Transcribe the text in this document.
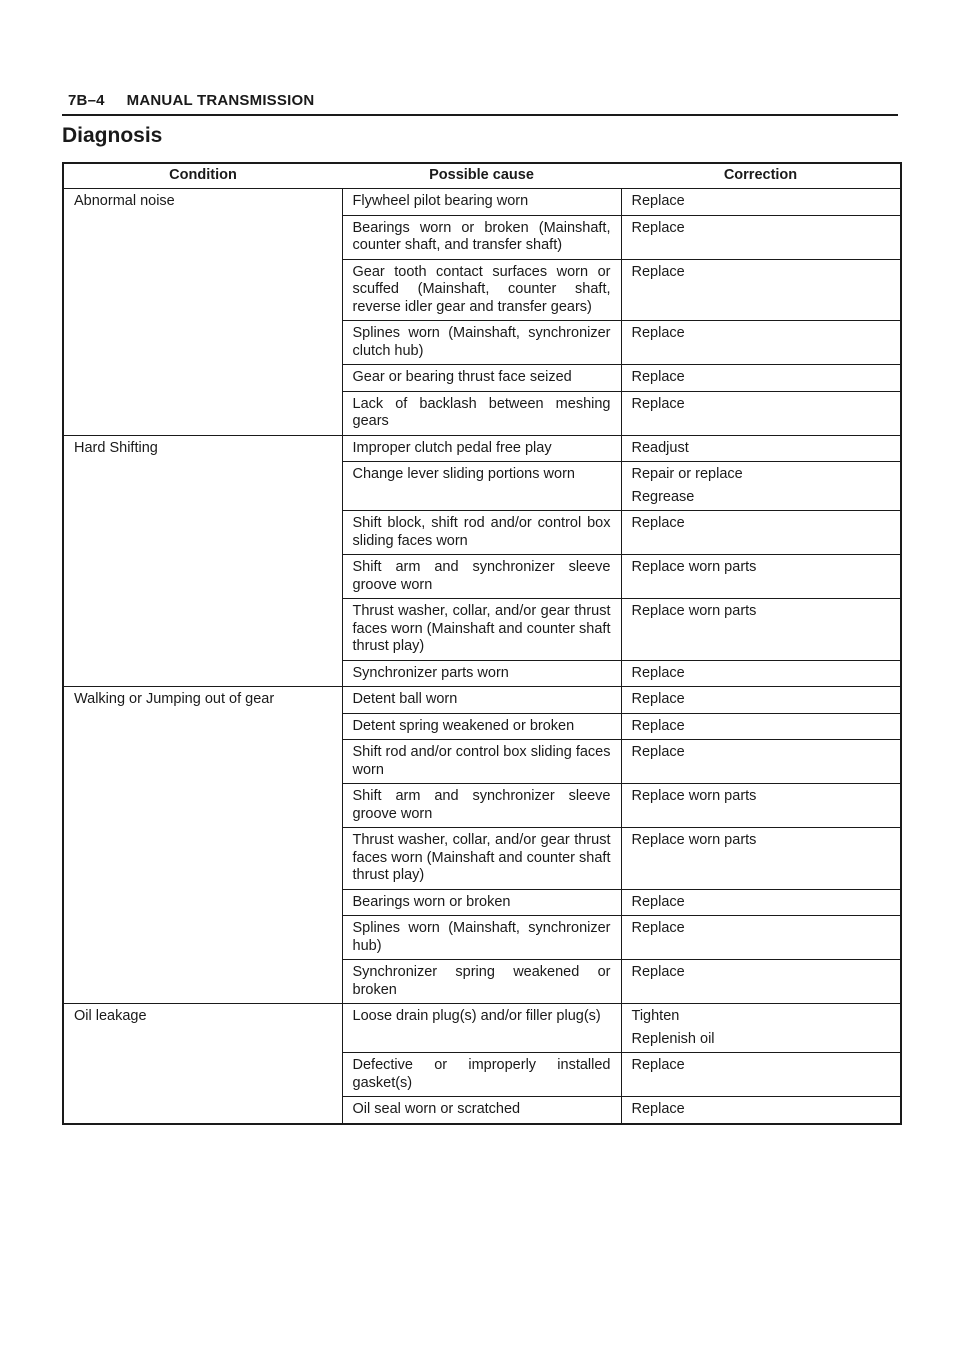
7B–4 MANUAL TRANSMISSION
Diagnosis
Condition	Possible cause	Correction
Abnormal noise	Flywheel pilot bearing worn	Replace

	Bearings worn or broken (Mainshaft, counter shaft, and transfer shaft)	Replace

	Gear tooth contact surfaces worn or scuffed (Mainshaft, counter shaft, reverse idler gear and transfer gears)	Replace

	Splines worn (Mainshaft, synchronizer clutch hub)	Replace

	Gear or bearing thrust face seized	Replace

	Lack of backlash between meshing gears	Replace

Hard Shifting	Improper clutch pedal free play	Readjust

	Change lever sliding portions worn	Repair or replace
Regrease

	Shift block, shift rod and/or control box sliding faces worn	Replace

	Shift arm and synchronizer sleeve groove worn	Replace worn parts

	Thrust washer, collar, and/or gear thrust faces worn (Mainshaft and counter shaft thrust play)	Replace worn parts

	Synchronizer parts worn	Replace

Walking or Jumping out of gear	Detent ball worn	Replace

	Detent spring weakened or broken	Replace

	Shift rod and/or control box sliding faces worn	Replace

	Shift arm and synchronizer sleeve groove worn	Replace worn parts

	Thrust washer, collar, and/or gear thrust faces worn (Mainshaft and counter shaft thrust play)	Replace worn parts

	Bearings worn or broken	Replace

	Splines worn (Mainshaft, synchronizer hub)	Replace

	Synchronizer spring weakened or broken	Replace

Oil leakage	Loose drain plug(s) and/or filler plug(s)	Tighten
Replenish oil

	Defective or improperly installed gasket(s)	Replace

	Oil seal worn or scratched	Replace
